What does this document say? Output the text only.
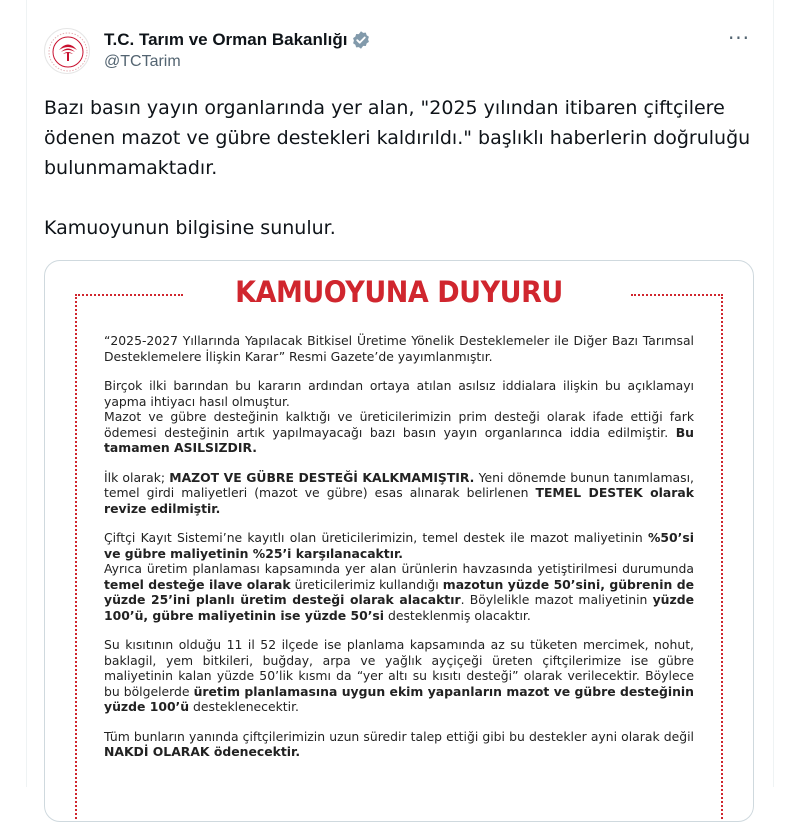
T.C. Tarım ve Orman Bakanlığı
@TCTarim
···

Bazı basın yayın organlarında yer alan, "2025 yılından itibaren çiftçilere ödenen mazot ve gübre destekleri kaldırıldı." başlıklı haberlerin doğruluğu bulunmamaktadır.

Kamuoyunun bilgisine sunulur.

KAMUOYUNA DUYURU

“2025-2027 Yıllarında Yapılacak Bitkisel Üretime Yönelik Desteklemeler ile Diğer Bazı Tarımsal Desteklemelere İlişkin Karar” Resmi Gazete’de yayımlanmıştır.

Birçok ilki barından bu kararın ardından ortaya atılan asılsız iddialara ilişkin bu açıklamayı yapma ihtiyacı hasıl olmuştur.

Mazot ve gübre desteğinin kalktığı ve üreticilerimizin prim desteği olarak ifade ettiği fark ödemesi desteğinin artık yapılmayacağı bazı basın yayın organlarınca iddia edilmiştir. Bu tamamen ASILSIZDIR.

İlk olarak; MAZOT VE GÜBRE DESTEĞİ KALKMAMIŞTIR. Yeni dönemde bunun tanımlaması, temel girdi maliyetleri (mazot ve gübre) esas alınarak belirlenen TEMEL DESTEK olarak revize edilmiştir.

Çiftçi Kayıt Sistemi’ne kayıtlı olan üreticilerimizin, temel destek ile mazot maliyetinin %50’si ve gübre maliyetinin %25’i karşılanacaktır.

Ayrıca üretim planlaması kapsamında yer alan ürünlerin havzasında yetiştirilmesi durumunda temel desteğe ilave olarak üreticilerimiz kullandığı mazotun yüzde 50’sini, gübrenin de yüzde 25’ini planlı üretim desteği olarak alacaktır. Böylelikle mazot maliyetinin yüzde 100’ü, gübre maliyetinin ise yüzde 50’si desteklenmiş olacaktır.

Su kısıtının olduğu 11 il 52 ilçede ise planlama kapsamında az su tüketen mercimek, nohut, baklagil, yem bitkileri, buğday, arpa ve yağlık ayçiçeği üreten çiftçilerimize ise gübre maliyetinin kalan yüzde 50’lik kısmı da “yer altı su kısıtı desteği” olarak verilecektir. Böylece bu bölgelerde üretim planlamasına uygun ekim yapanların mazot ve gübre desteğinin yüzde 100’ü desteklenecektir.

Tüm bunların yanında çiftçilerimizin uzun süredir talep ettiği gibi bu destekler ayni olarak değil NAKDİ OLARAK ödenecektir.
